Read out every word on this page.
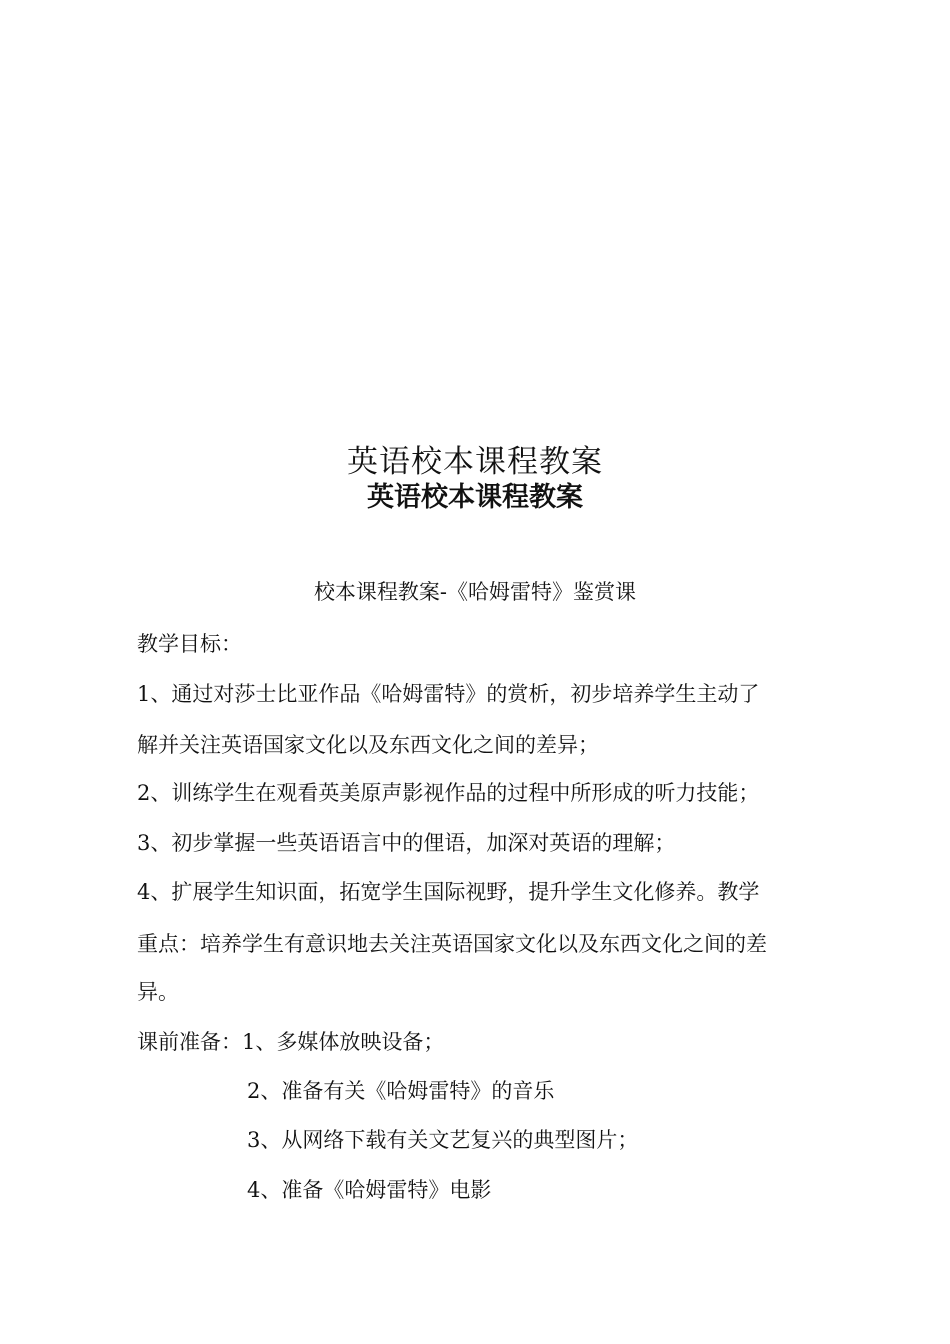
英语校本课程教案
英语校本课程教案
校本课程教案-《哈姆雷特》鉴赏课
教学目标：
1、通过对莎士比亚作品《哈姆雷特》的赏析，初步培养学生主动了
解并关注英语国家文化以及东西文化之间的差异；
2、训练学生在观看英美原声影视作品的过程中所形成的听力技能；
3、初步掌握一些英语语言中的俚语，加深对英语的理解；
4、扩展学生知识面，拓宽学生国际视野，提升学生文化修养。教学
重点：培养学生有意识地去关注英语国家文化以及东西文化之间的差
异。
课前准备：1、多媒体放映设备；
2、准备有关《哈姆雷特》的音乐
3、从网络下载有关文艺复兴的典型图片；
4、准备《哈姆雷特》电影
